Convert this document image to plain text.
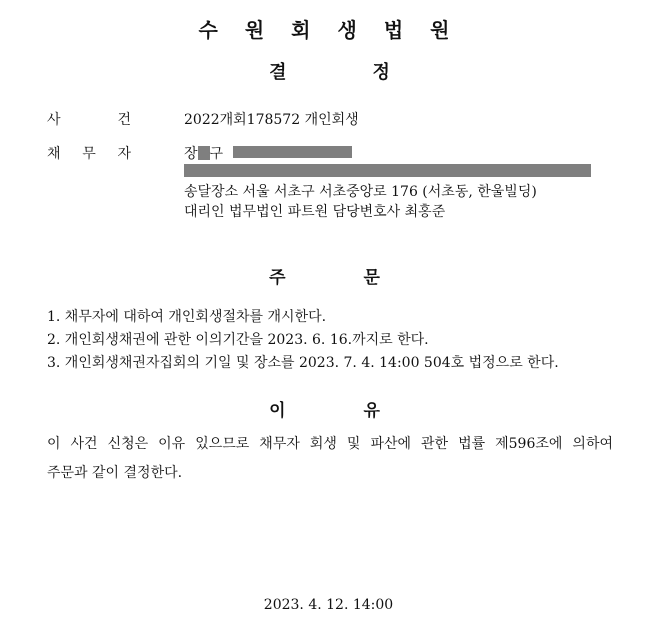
수 원 회 생 법 원
결	정
사	건	2022개회178572 개인회생
채 무 자	장 구
송달장소 서울 서초구 서초중앙로 176 (서초동, 한울빌딩)
대리인 법무법인 파트원 담당변호사 최홍준
주	문
1. 채무자에 대하여 개인회생절차를 개시한다.
2. 개인회생채권에 관한 이의기간을 2023. 6. 16.까지로 한다.
3. 개인회생채권자집회의 기일 및 장소를 2023. 7. 4. 14:00 504호 법정으로 한다.
이	유
이 사건 신청은 이유 있으므로 채무자 회생 및 파산에 관한 법률 제596조에 의하여
주문과 같이 결정한다.
2023. 4. 12. 14:00
